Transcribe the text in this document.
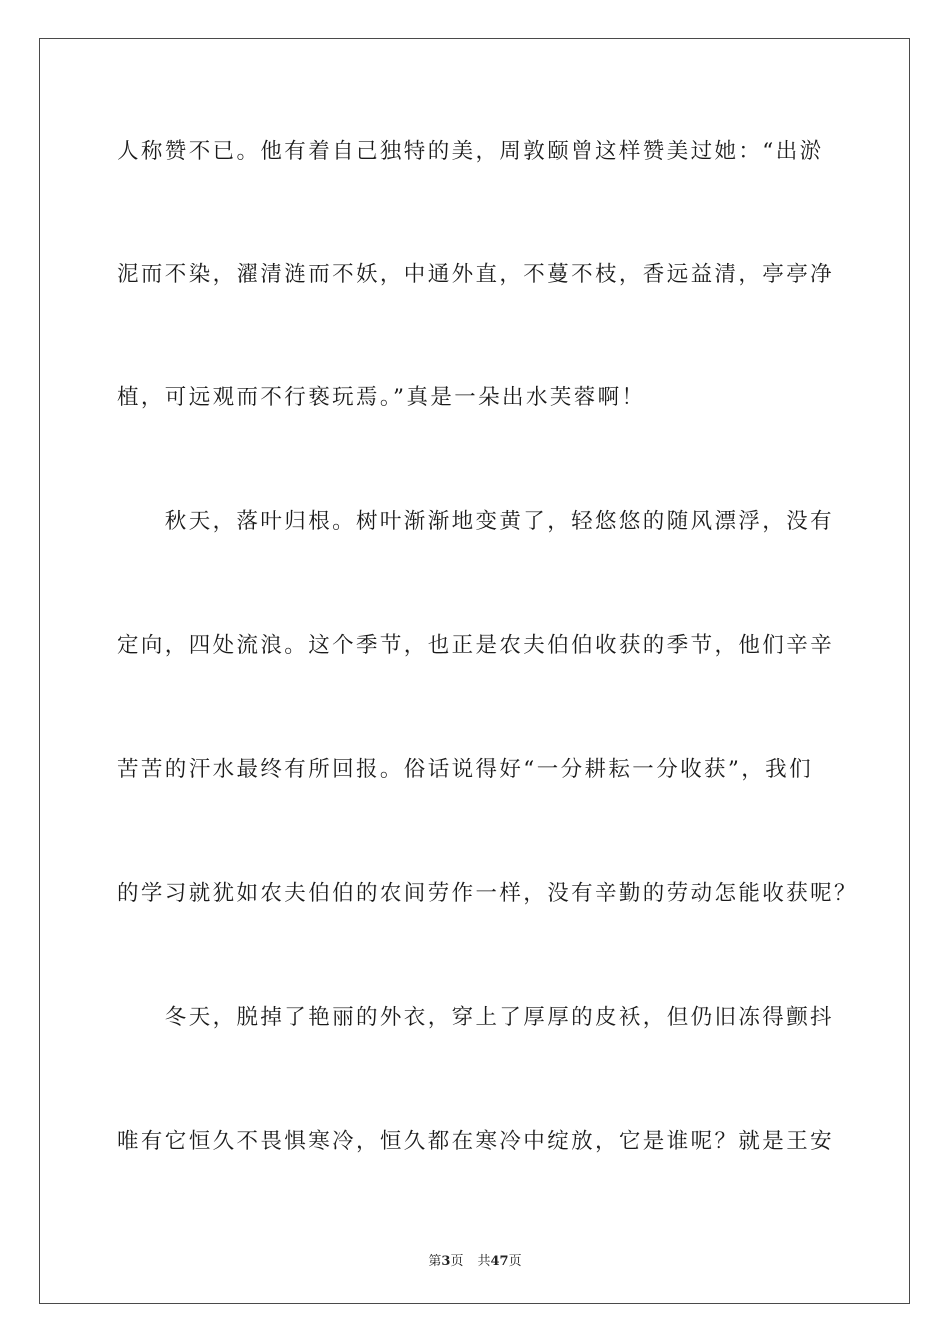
人称赞不已。他有着自己独特的美，周敦颐曾这样赞美过她：“出淤
泥而不染，濯清涟而不妖，中通外直，不蔓不枝，香远益清，亭亭净
植，可远观而不行亵玩焉。”真是一朵出水芙蓉啊！
　　秋天，落叶归根。树叶渐渐地变黄了，轻悠悠的随风漂浮，没有
定向，四处流浪。这个季节，也正是农夫伯伯收获的季节，他们辛辛
苦苦的汗水最终有所回报。俗话说得好“一分耕耘一分收获”，我们
的学习就犹如农夫伯伯的农间劳作一样，没有辛勤的劳动怎能收获呢？
　　冬天，脱掉了艳丽的外衣，穿上了厚厚的皮袄，但仍旧冻得颤抖
唯有它恒久不畏惧寒冷，恒久都在寒冷中绽放，它是谁呢？就是王安
第3页 共47页
